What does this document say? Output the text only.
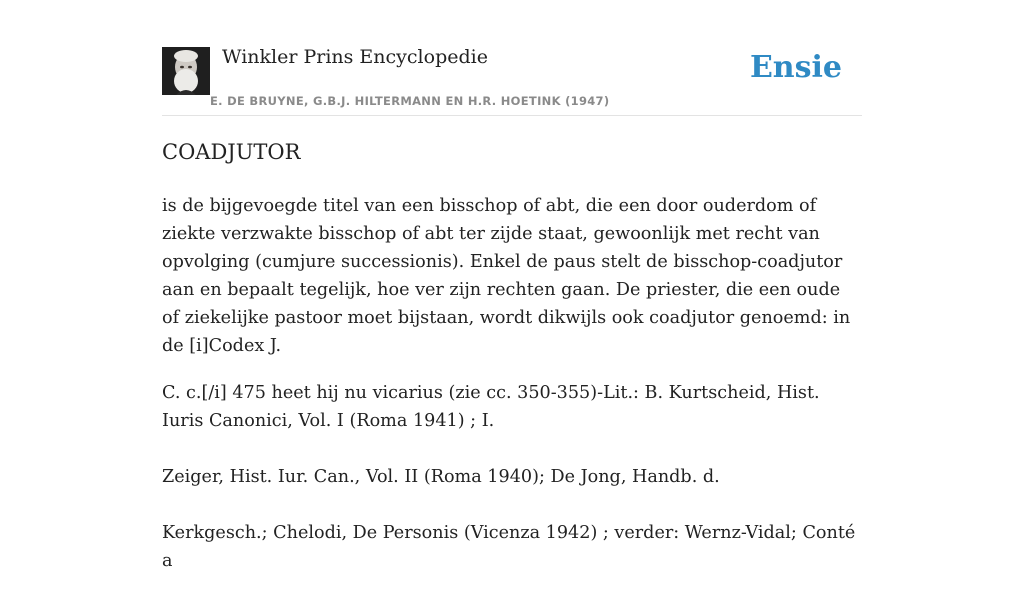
Winkler Prins Encyclopedie
E. DE BRUYNE, G.B.J. HILTERMANN EN H.R. HOETINK (1947)
Ensie
COADJUTOR

is de bijgevoegde titel van een bisschop of abt, die een door ouderdom of ziekte verzwakte bisschop of abt ter zijde staat, gewoonlijk met recht van opvolging (cumjure successionis). Enkel de paus stelt de bisschop-coadjutor aan en bepaalt tegelijk, hoe ver zijn rechten gaan. De priester, die een oude of ziekelijke pastoor moet bijstaan, wordt dikwijls ook coadjutor genoemd: in de [i]Codex J.

C. c.[/i] 475 heet hij nu vicarius (zie cc. 350-355)-Lit.: B. Kurtscheid, Hist. Iuris Canonici, Vol. I (Roma 1941) ; I.

Zeiger, Hist. Iur. Can., Vol. II (Roma 1940); De Jong, Handb. d.

Kerkgesch.; Chelodi, De Personis (Vicenza 1942) ; verder: Wernz-Vidal; Conté a
